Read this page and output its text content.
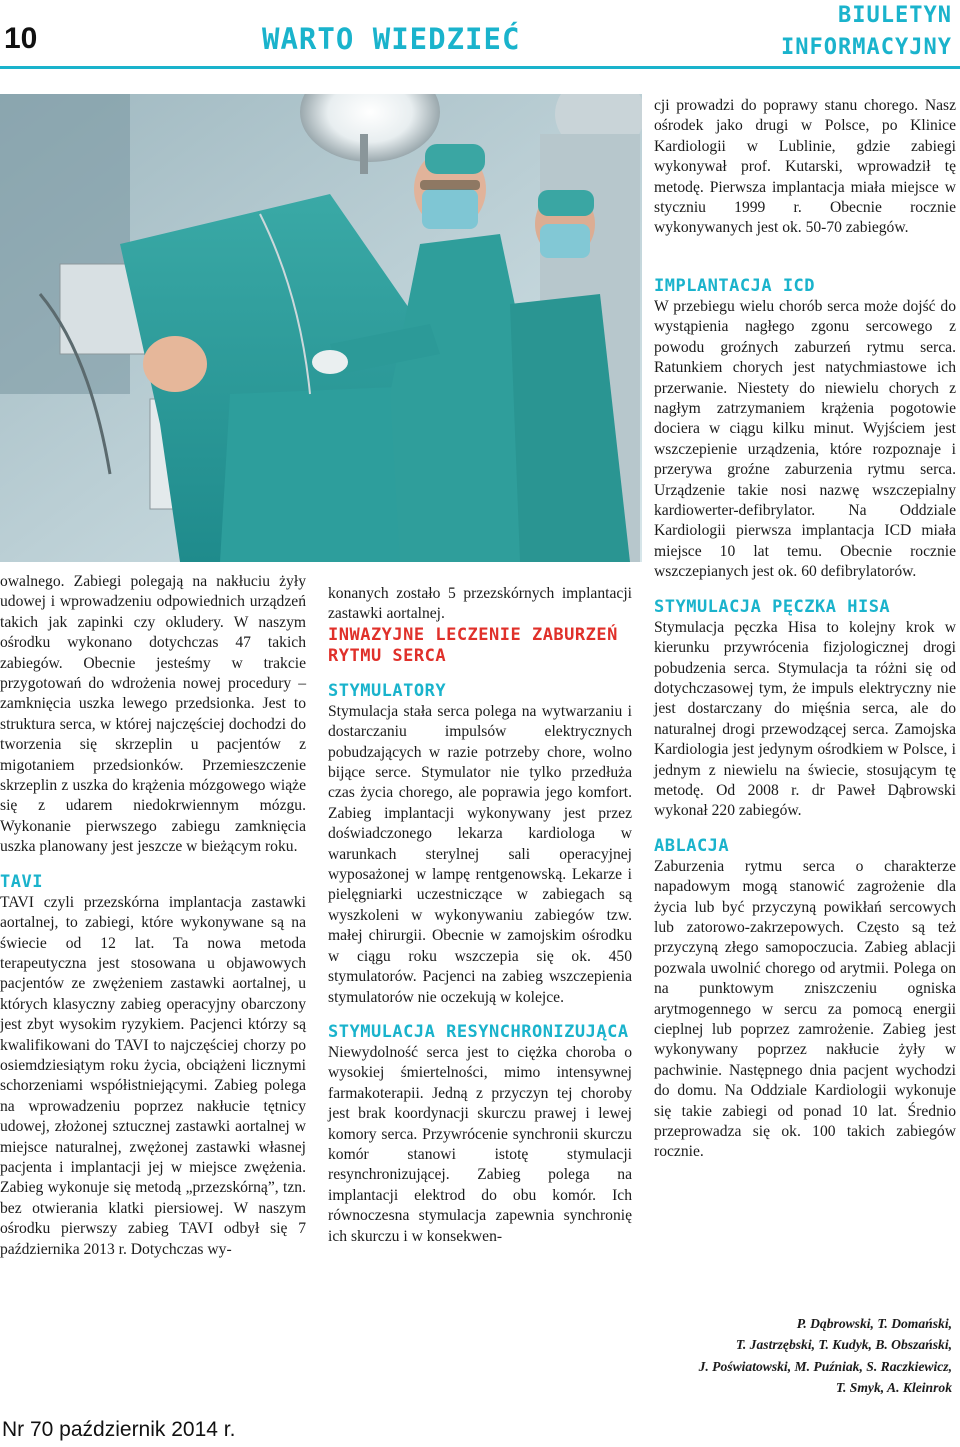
10	WARTO WIEDZIEĆ
BIULETYN
INFORMACYJNY

owalnego. Zabiegi polegają na nakłuciu żyły udowej i wprowadzeniu odpowiednich urządzeń takich jak zapinki czy okludery. W naszym ośrodku wykonano dotychczas 47 takich zabiegów. Obecnie jesteśmy w trakcie przygotowań do wdrożenia nowej procedury – zamknięcia uszka lewego przedsionka. Jest to struktura serca, w której najczęściej dochodzi do tworzenia się skrzeplin u pacjentów z migotaniem przedsionków. Przemieszczenie skrzeplin z uszka do krążenia mózgowego wiąże się z udarem niedokrwiennym mózgu. Wykonanie pierwszego zabiegu zamknięcia uszka planowany jest jeszcze w bieżącym roku.

TAVI

TAVI czyli przezskórna implantacja zastawki aortalnej, to zabiegi, które wykonywane są na świecie od 12 lat. Ta nowa metoda terapeutyczna jest stosowana u objawowych pacjentów ze zwężeniem zastawki aortalnej, u których klasyczny zabieg operacyjny obarczony jest zbyt wysokim ryzykiem. Pacjenci którzy są kwalifikowani do TAVI to najczęściej chorzy po osiemdziesiątym roku życia, obciążeni licznymi schorzeniami współistniejącymi. Zabieg polega na wprowadzeniu poprzez nakłucie tętnicy udowej, złożonej sztucznej zastawki aortalnej w miejsce naturalnej, zwężonej zastawki własnej pacjenta i implantacji jej w miejsce zwężenia. Zabieg wykonuje się metodą „przezskórną”, tzn. bez otwierania klatki piersiowej. W naszym ośrodku pierwszy zabieg TAVI odbył się 7 października 2013 r. Dotychczas wy-

konanych zostało 5 przezskórnych implantacji zastawki aortalnej.

INWAZYJNE LECZENIE ZABURZEŃ RYTMU SERCA
STYMULATORY

Stymulacja stała serca polega na wytwarzaniu i dostarczaniu impulsów elektrycznych pobudzających w razie potrzeby chore, wolno bijące serce. Stymulator nie tylko przedłuża czas życia chorego, ale poprawia jego komfort. Zabieg implantacji wykonywany jest przez doświadczonego lekarza kardiologa w warunkach sterylnej sali operacyjnej wyposażonej w lampę rentgenowską. Lekarze i pielęgniarki uczestniczące w zabiegach są wyszkoleni w wykonywaniu zabiegów tzw. małej chirurgii. Obecnie w zamojskim ośrodku w ciągu roku wszczepia się ok. 450 stymulatorów. Pacjenci na zabieg wszczepienia stymulatorów nie oczekują w kolejce.

STYMULACJA RESYNCHRONIZUJĄCA

Niewydolność serca jest to ciężka choroba o wysokiej śmiertelności, mimo intensywnej farmakoterapii. Jedną z przyczyn tej choroby jest brak koordynacji skurczu prawej i lewej komory serca. Przywrócenie synchronii skurczu komór stanowi istotę stymulacji resynchronizującej. Zabieg polega na implantacji elektrod do obu komór. Ich równoczesna stymulacja zapewnia synchronię ich skurczu i w konsekwen-

cji prowadzi do poprawy stanu chorego. Nasz ośrodek jako drugi w Polsce, po Klinice Kardiologii w Lublinie, gdzie zabiegi wykonywał prof. Kutarski, wprowadził tę metodę. Pierwsza implantacja miała miejsce w styczniu 1999 r. Obecnie rocznie wykonywanych jest ok. 50-70 zabiegów.

IMPLANTACJA ICD

W przebiegu wielu chorób serca może dojść do wystąpienia nagłego zgonu sercowego z powodu groźnych zaburzeń rytmu serca. Ratunkiem chorych jest natychmiastowe ich przerwanie. Niestety do niewielu chorych z nagłym zatrzymaniem krążenia pogotowie dociera w ciągu kilku minut. Wyjściem jest wszczepienie urządzenia, które rozpoznaje i przerywa groźne zaburzenia rytmu serca. Urządzenie takie nosi nazwę wszczepialny kardiowerter-defibrylator. Na Oddziale Kardiologii pierwsza implantacja ICD miała miejsce 10 lat temu. Obecnie rocznie wszczepianych jest ok. 60 defibrylatorów.

STYMULACJA PĘCZKA HISA

Stymulacja pęczka Hisa to kolejny krok w kierunku przywrócenia fizjologicznej drogi pobudzenia serca. Stymulacja ta różni się od dotychczasowej tym, że impuls elektryczny nie jest dostarczany do mięśnia serca, ale do naturalnej drogi przewodzącej serca. Zamojska Kardiologia jest jedynym ośrodkiem w Polsce, i jednym z niewielu na świecie, stosującym tę metodę. Od 2008 r. dr Paweł Dąbrowski wykonał 220 zabiegów.

ABLACJA

Zaburzenia rytmu serca o charakterze napadowym mogą stanowić zagrożenie dla życia lub być przyczyną powikłań sercowych lub zatorowo-zakrzepowych. Często są też przyczyną złego samopoczucia. Zabieg ablacji pozwala uwolnić chorego od arytmii. Polega on na punktowym zniszczeniu ogniska arytmogennego w sercu za pomocą energii cieplnej lub poprzez zamrożenie. Zabieg jest wykonywany poprzez nakłucie żyły w pachwinie. Następnego dnia pacjent wychodzi do domu. Na Oddziale Kardiologii wykonuje się takie zabiegi od ponad 10 lat. Średnio przeprowadza się ok. 100 takich zabiegów rocznie.

P. Dąbrowski, T. Domański,
T. Jastrzębski, T. Kudyk, B. Obszański,
J. Poświatowski, M. Puźniak, S. Raczkiewicz,
T. Smyk, A. Kleinrok
Nr 70 październik 2014 r.
